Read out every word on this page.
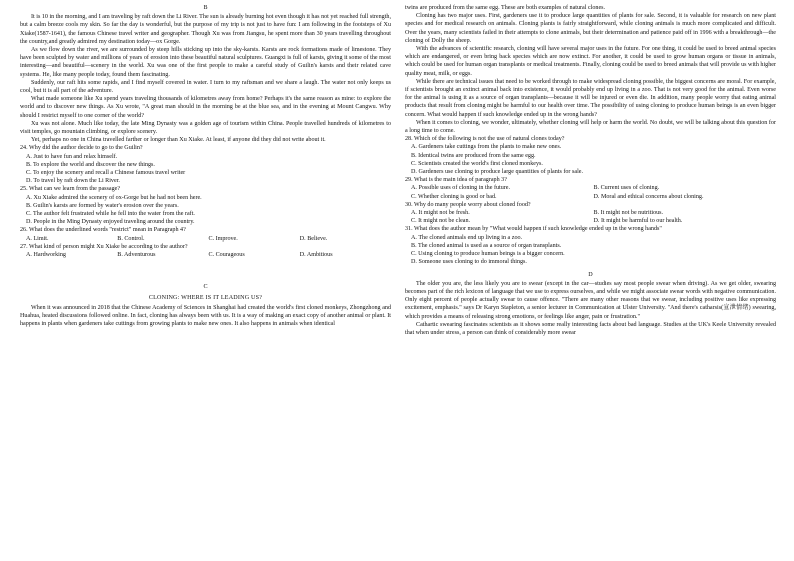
B

It is 10 in the morning, and I am traveling by raft down the Li River. The sun is already burning hot even though it has not yet reached full strength, but a calm breeze cools my skin. So far the day is wonderful, but the purpose of my trip is not just to have fun: I am following in the footsteps of Xu Xiake(1587-1641), the famous Chinese travel writer and geographer. Though Xu was from Jiangsu, he spent more than 30 years travelling throughout the country,and greatly admired my destination today—ox Gorge.

As we flow down the river, we are surrounded by steep hills sticking up into the sky-karsts. Karsts are rock formations made of limestone. They have been sculpted by water and millions of years of erosion into these beautiful natural sculptures. Guangxi is full of karsts, giving it some of the most interesting—and beautiful—scenery in the world. Xu was one of the first people to make a careful study of Guilin's karsts and their related cave systems. He, like many people today, found them fascinating.

Suddenly, our raft hits some rapids, and I find myself covered in water. I turn to my raftsman and we share a laugh. The water not only keeps us cool, but it is all part of the adventure.

What made someone like Xu spend years traveling thousands of kilometres away from home? Perhaps it's the same reason as mine: to explore the world and to discover new things. As Xu wrote, "A great man should in the morning be at the blue sea, and in the evening at Mount Cangwu. Why should I restrict myself to one corner of the world?

Xu was not alone. Much like today, the late Ming Dynasty was a golden age of tourism within China. People travelled hundreds of kilometres to visit temples, go mountain climbing, or explore scenery.

Yet, perhaps no one in China travelled farther or longer than Xu Xiake. At least, if anyone did they did not write about it.

24. Why did the author decide to go to the Guilin?
A. Just to have fun and relax himself.
B. To explore the world and discover the new things.
C. To enjoy the scenery and recall a Chinese famous travel writer
D. To travel by raft down the Li River.
25. What can we learn from the passage?
A. Xu Xiake admired the scenery of ox-Gorge but he had not been here.
B. Guilin's karsts are formed by water's erosion over the years.
C. The author felt frustrated while he fell into the water from the raft.
D. People in the Ming Dynasty enjoyed traveling around the country.
26. What does the underlined words "restrict" mean in Paragraph 4?
A. Limit.	B. Control.	C. Improve.	D. Believe.
27. What kind of person might Xu Xiake be according to the author?
A. Hardworking	B. Adventurous	C. Courageous	D. Ambitious
C
CLONING: WHERE IS IT LEADING US?

When it was announced in 2018 that the Chinese Academy of Sciences in Shanghai had created the world's first cloned monkeys, Zhongzhong and Huahua, heated discussions followed online. In fact, cloning has always been with us. It is a way of making an exact copy of another animal or plant. It happens in plants when gardeners take cuttings from growing plants to make new ones. It also happens in animals when identical

twins are produced from the same egg. These are both examples of natural clones.

Cloning has two major uses. First, gardeners use it to produce large quantities of plants for sale. Second, it is valuable for research on new plant species and for medical research on animals. Cloning plants is fairly straightforward, while cloning animals is much more complicated and difficult. Over the years, many scientists failed in their attempts to clone animals, but their determination and patience paid off in 1996 with a breakthrough—the cloning of Dolly the sheep.

With the advances of scientific research, cloning will have several major uses in the future. For one thing, it could be used to breed animal species which are endangered, or even bring back species which are now extinct. For another, it could be used to grow human organs or tissue in animals, which could be used for human organ transplants or medical treatments. Finally, cloning could be used to breed animals that will provide us with higher quality meat, milk, or eggs.

While there are technical issues that need to be worked through to make widespread cloning possible, the biggest concerns are moral. For example, if scientists brought an extinct animal back into existence, it would probably end up living in a zoo. That is not very good for the animal. Even worse for the animal is using it as a source of organ transplants—because it will be injured or even die. In addition, many people worry that eating animal products that result from cloning might be harmful to our health over time. The possibility of using cloning to produce human beings is an even bigger concern. What would happen if such knowledge ended up in the wrong hands?

When it comes to cloning, we wonder, ultimately, whether cloning will help or harm the world. No doubt, we will be talking about this question for a long time to come.

28. Which of the following is not the use of natural clones today?
A. Gardeners take cuttings from the plants to make new ones.
B. Identical twins are produced from the same egg.
C. Scientists created the world's first cloned monkeys.
D. Gardeners use cloning to produce large quantities of plants for sale.
29. What is the main idea of paragraph 3?
A. Possible uses of cloning in the future.	B. Current uses of cloning.
C. Whether cloning is good or bad.	D. Moral and ethical concerns about cloning.
30. Why do many people worry about cloned food?
A. It might not be fresh.	B. It might not be nutritious.
C. It might not be clean.	D. It might be harmful to our health.
31. What does the author mean by "What would happen if such knowledge ended up in the wrong hands"
A. The cloned animals end up living in a zoo.
B. The cloned animal is used as a source of organ transplants.
C. Using cloning to produce human beings is a bigger concern.
D. Someone uses cloning to do immoral things.
D

The older you are, the less likely you are to swear (except in the car—studies say most people swear when driving). As we get older, swearing becomes part of the rich lexicon of language that we use to express ourselves, and while we might associate swear words with negative communication. Only eight percent of people actually swear to cause offence. "There are many other reasons that we swear, including positive uses like expressing excitement, emphasis." says Dr Karyn Stapleton, a senior lecturer in Communication at Ulster University. "And there's catharsis(宣泄情绪) swearing, which provides a means of releasing strong emotions, or feelings like anger, pain or frustration."

Cathartic swearing fascinates scientists as it shows some really interesting facts about bad language. Studies at the UK's Keele University revealed that when under stress, a person can think of considerably more swear
